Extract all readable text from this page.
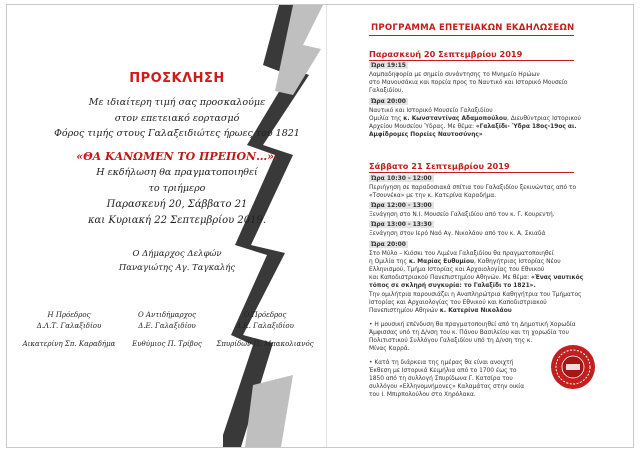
ΠΡΟΣΚΛΗΣΗ
Με ιδιαίτερη τιμή σας προσκαλούμε
στον επετειακό εορτασμό
Φόρος τιμής στους Γαλαξειδιώτες ήρωες του 1821
«ΘΑ ΚΑΝΩΜΕΝ ΤΟ ΠΡΕΠΟΝ…».
Η εκδήλωση θα πραγματοποιηθεί
το τριήμερο
Παρασκευή 20, Σάββατο 21
και Κυριακή 22 Σεπτεμβρίου 2019.
Ο Δήμαρχος Δελφών
Παναγιώτης Αγ. Ταγκαλής
Η Πρόεδρος
Δ.Λ.Τ. Γαλαξιδίου
Αικατερίνη Σπ. Καραδήμα
Ο Αντιδήμαρχος
Δ.Ε. Γαλαξιδίου
Ευθύμιος Π. Τρίβος
Ο Πρόεδρος
Δ.Κ. Γαλαξιδίου
Σπυρίδων Π. Μπακολιανός
ΠΡΟΓΡΑΜΜΑ ΕΠΕΤΕΙΑΚΩΝ ΕΚΔΗΛΩΣΕΩΝ
Παρασκευή 20 Σεπτεμβρίου 2019
Ώρα 19:15
Λαμπαδηφορία με σημείο συνάντησης το Μνημείο Ηρώων
στο Μανουσάκια και πορεία προς το Ναυτικό και Ιστορικό Μουσείο
Γαλαξιδίου.
Ώρα 20:00
Ναυτικό και Ιστορικό Μουσείο Γαλαξιδίου
Ομιλία της κ. Κωνσταντίνας Αδαμοπούλου, Διευθύντριας Ιστορικού
Αρχείου Μουσείου Ύδρας. Με θέμα: «Γαλαξίδι- Ύδρα 18ος-19ος αι.
Αμφίδρομες Πορείες Ναυτοσύνης»
Σάββατο 21 Σεπτεμβρίου 2019
Ώρα 10:30 - 12:00
Περιήγηση σε παραδοσιακά σπίτια του Γαλαξιδίου ξεκινώντας από το
«Τσουνέκα» με την κ. Κατερίνα Καραδήμα.
Ώρα 12:00 - 13:00
Ξενάγηση στο Ν.Ι. Μουσείο Γαλαξιδίου από τον κ. Γ. Κουρεντή.
Ώρα 13:00 - 13:30
Ξενάγηση στον Ιερό Ναό Αγ. Νικολάου από τον κ. Α. Σκιαδά
Ώρα 20:00
Στο Μύλο – Κιόσκι του Λιμένα Γαλαξιδίου θα πραγματοποιηθεί
η Ομιλία της κ. Μαρίας Ευθυμίου, Καθηγήτριας Ιστορίας Νέου
Ελληνισμού, Τμήμα Ιστορίας και Αρχαιολογίας του Εθνικού
και Καποδιστριακού Πανεπιστημίου Αθηνών. Με θέμα: «Ένας ναυτικός
τόπος σε σκληρή συγκυρία: το Γαλαξίδι το 1821».
Την ομιλήτρια παρουσιάζει η Αναπληρώτρια Καθηγήτρια του Τμήματος
Ιστορίας και Αρχαιολογίας του Εθνικού και Καποδιστριακού
Πανεπιστημίου Αθηνών κ. Κατερίνα Νικολάου
• Η μουσική επένδυση θα πραγματοποιηθεί από τη Δημοτική Χορωδία
Άμφισσας υπό τη Δ/νση του κ. Πάνου Βασιλείου και τη χορωδία του
Πολιτιστικού Συλλόγου Γαλαξιδίου υπό τη Δ/νση της κ.
Μίνας Καρρά.
• Κατά τη διάρκεια της ημέρας θα είναι ανοιχτή
Έκθεση με Ιστορικά Κειμήλια από το 1700 έως το
1850 από τη συλλογή Σπυρίδωνα Γ. Κατσίρα του
συλλόγου «Ελληνομνήμονες» Καλαμάτας στην οικία
του Ι. Μπιρπολούλου στο Χηρόλακα.
